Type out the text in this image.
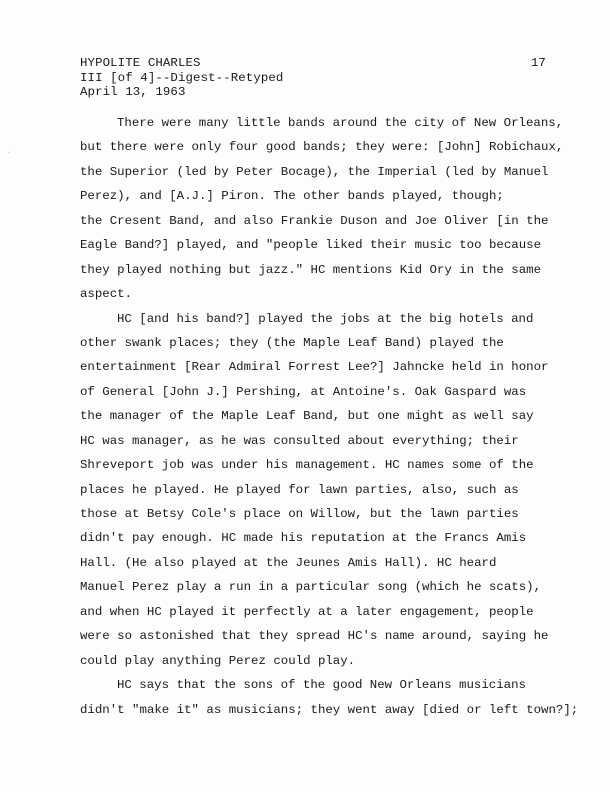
HYPOLITE CHARLES
III [of 4]--Digest--Retyped
April 13, 1963
17
·
There were many little bands around the city of New Orleans,
but there were only four good bands; they were: [John] Robichaux,
the Superior (led by Peter Bocage), the Imperial (led by Manuel
Perez), and [A.J.] Piron. The other bands played, though;
the Cresent Band, and also Frankie Duson and Joe Oliver [in the
Eagle Band?] played, and "people liked their music too because
they played nothing but jazz." HC mentions Kid Ory in the same
aspect.
HC [and his band?] played the jobs at the big hotels and
other swank places; they (the Maple Leaf Band) played the
entertainment [Rear Admiral Forrest Lee?] Jahncke held in honor
of General [John J.] Pershing, at Antoine's. Oak Gaspard was
the manager of the Maple Leaf Band, but one might as well say
HC was manager, as he was consulted about everything; their
Shreveport job was under his management. HC names some of the
places he played. He played for lawn parties, also, such as
those at Betsy Cole's place on Willow, but the lawn parties
didn't pay enough. HC made his reputation at the Francs Amis
Hall. (He also played at the Jeunes Amis Hall). HC heard
Manuel Perez play a run in a particular song (which he scats),
and when HC played it perfectly at a later engagement, people
were so astonished that they spread HC's name around, saying he
could play anything Perez could play.
HC says that the sons of the good New Orleans musicians
didn't "make it" as musicians; they went away [died or left town?];
